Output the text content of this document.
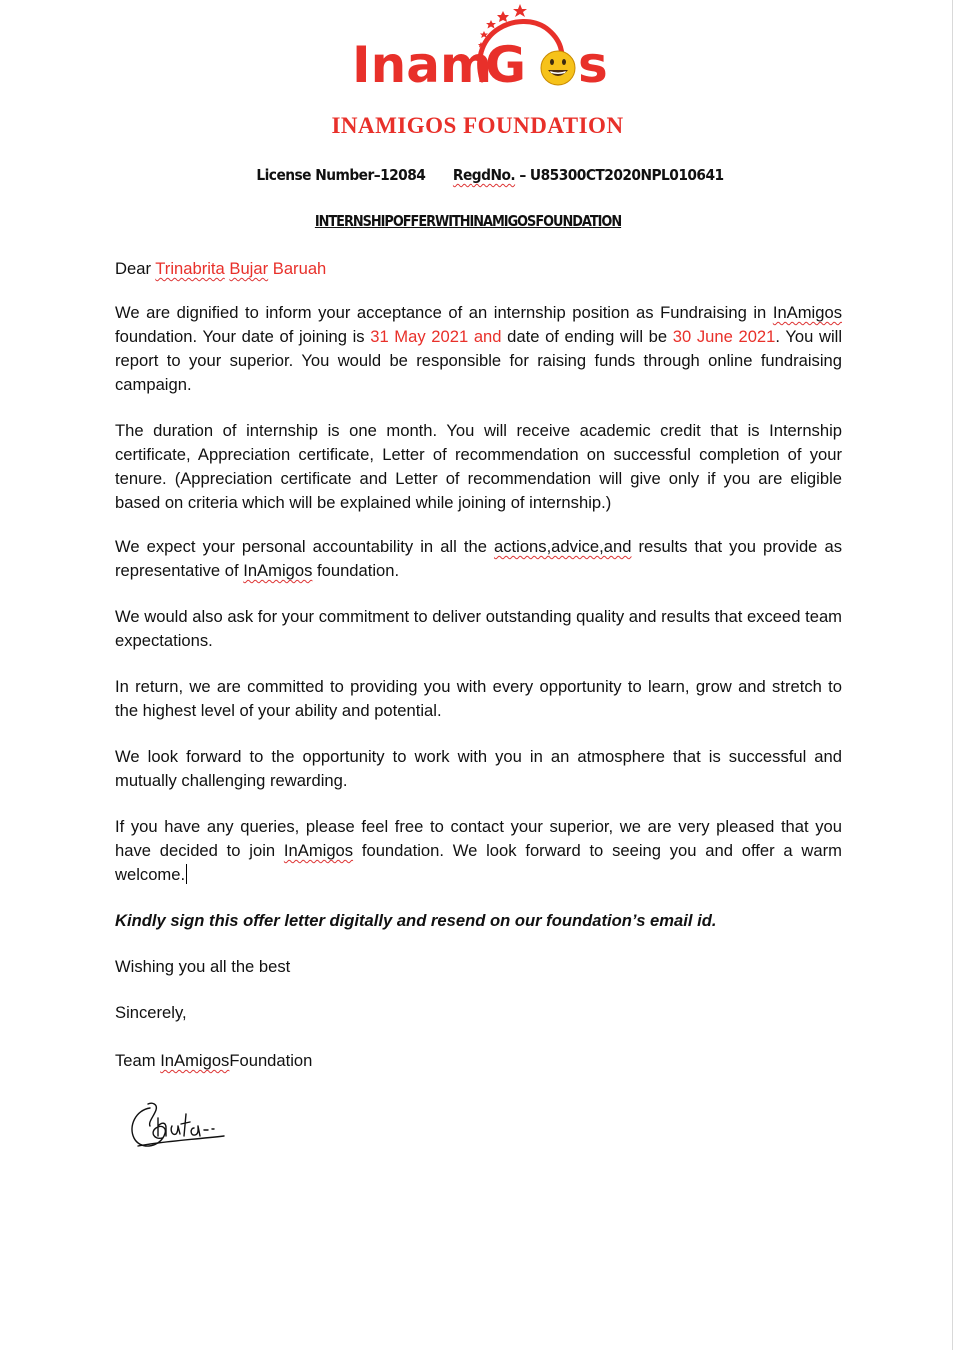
Inam
G s
INAMIGOS FOUNDATION
License Number–12084 RegdNo. – U85300CT2020NPL010641
INTERNSHIPOFFERWITHINAMIGOSFOUNDATION
Dear Trinabrita Bujar Baruah
We are dignified to inform your acceptance of an internship position as Fundraising in InAmigos foundation. Your date of joining is 31 May 2021 and date of ending will be 30 June 2021. You will report to your superior. You would be responsible for raising funds through online fundraising campaign.
The duration of internship is one month. You will receive academic credit that is Internship certificate, Appreciation certificate, Letter of recommendation on successful completion of your tenure. (Appreciation certificate and Letter of recommendation will give only if you are eligible based on criteria which will be explained while joining of internship.)
We expect your personal accountability in all the actions,advice,and results that you provide as representative of InAmigos foundation.
We would also ask for your commitment to deliver outstanding quality and results that exceed team expectations.
In return, we are committed to providing you with every opportunity to learn, grow and stretch to the highest level of your ability and potential.
We look forward to the opportunity to work with you in an atmosphere that is successful and mutually challenging rewarding.
If you have any queries, please feel free to contact your superior, we are very pleased that you have decided to join InAmigos foundation. We look forward to seeing you and offer a warm welcome.
Kindly sign this offer letter digitally and resend on our foundation’s email id.
Wishing you all the best
Sincerely,
Team InAmigosFoundation
